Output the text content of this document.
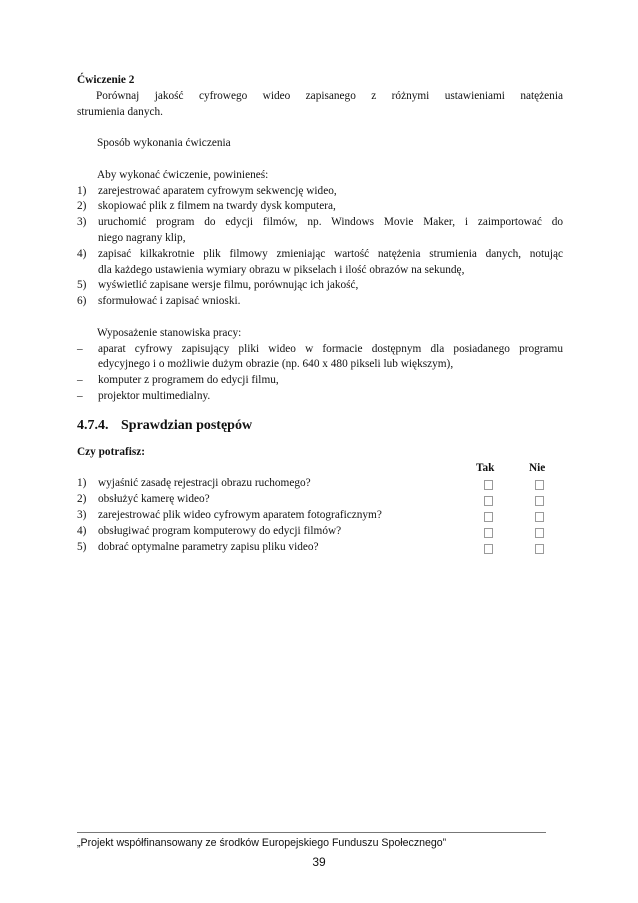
Ćwiczenie 2
Porównaj jakość cyfrowego wideo zapisanego z różnymi ustawieniami natężenia
strumienia danych.
Sposób wykonania ćwiczenia
Aby wykonać ćwiczenie, powinieneś:
1) zarejestrować aparatem cyfrowym sekwencję wideo,
2) skopiować plik z filmem na twardy dysk komputera,
3) uruchomić program do edycji filmów, np. Windows Movie Maker, i zaimportować do
niego nagrany klip,
4) zapisać kilkakrotnie plik filmowy zmieniając wartość natężenia strumienia danych, notując
dla każdego ustawienia wymiary obrazu w pikselach i ilość obrazów na sekundę,
5) wyświetlić zapisane wersje filmu, porównując ich jakość,
6) sformułować i zapisać wnioski.
Wyposażenie stanowiska pracy:
– aparat cyfrowy zapisujący pliki wideo w formacie dostępnym dla posiadanego programu
edycyjnego i o możliwie dużym obrazie (np. 640 x 480 pikseli lub większym),
– komputer z programem do edycji filmu,
– projektor multimedialny.
4.7.4. Sprawdzian postępów
Czy potrafisz:
Tak	Nie
1) wyjaśnić zasadę rejestracji obrazu ruchomego?
2) obsłużyć kamerę wideo?
3) zarejestrować plik wideo cyfrowym aparatem fotograficznym?
4) obsługiwać program komputerowy do edycji filmów?
5) dobrać optymalne parametry zapisu pliku video?
„Projekt współfinansowany ze środków Europejskiego Funduszu Społecznego”
39
